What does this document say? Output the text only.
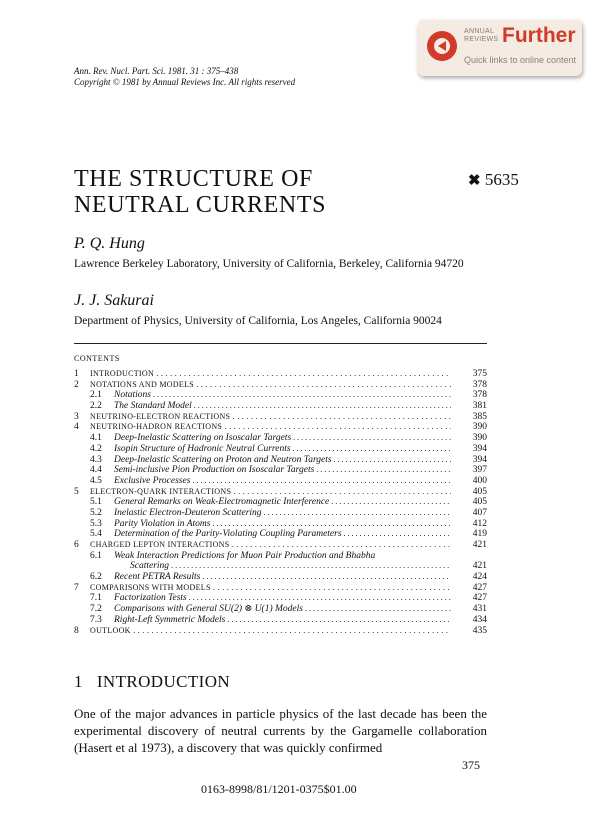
ANNUAL REVIEWS Further
Quick links to online content
Ann. Rev. Nucl. Part. Sci. 1981. 31 : 375–438
Copyright © 1981 by Annual Reviews Inc. All rights reserved
THE STRUCTURE OF
NEUTRAL CURRENTS
✖ 5635
P. Q. Hung
Lawrence Berkeley Laboratory, University of California, Berkeley, California 94720
J. J. Sakurai
Department of Physics, University of California, Los Angeles, California 90024
CONTENTS
1 INTRODUCTION . . .	375
2 NOTATIONS AND MODELS . . .	378
2.1 Notations . . .	378
2.2 The Standard Model . . .	381
3 NEUTRINO-ELECTRON REACTIONS . . .	385
4 NEUTRINO-HADRON REACTIONS . . .	390
4.1 Deep-Inelastic Scattering on Isoscalar Targets . . .	390
4.2 Isopin Structure of Hadronic Neutral Currents . . .	394
4.3 Deep-Inelastic Scattering on Proton and Neutron Targets . . .	394
4.4 Semi-inclusive Pion Production on Isoscalar Targets . . .	397
4.5 Exclusive Processes . . .	400
5 ELECTRON-QUARK INTERACTIONS . . .	405
5.1 General Remarks on Weak-Electromagnetic Interference . . .	405
5.2 Inelastic Electron-Deuteron Scattering . . .	407
5.3 Parity Violation in Atoms . . .	412
5.4 Determination of the Parity-Violating Coupling Parameters . . .	419
6 CHARGED LEPTON INTERACTIONS . . .	421
6.1 Weak Interaction Predictions for Muon Pair Production and Bhabha
Scattering . . .	421
6.2 Recent PETRA Results . . .	424
7 COMPARISONS WITH MODELS . . .	427
7.1 Factorization Tests . . .	427
7.2 Comparisons with General SU(2) ⊗ U(1) Models . . .	431
7.3 Right-Left Symmetric Models . . .	434
8 OUTLOOK . . .	435
1 INTRODUCTION

One of the major advances in particle physics of the last decade has been the experimental discovery of neutral currents by the Gargamelle collaboration (Hasert et al 1973), a discovery that was quickly confirmed

375
0163-8998/81/1201-0375$01.00
